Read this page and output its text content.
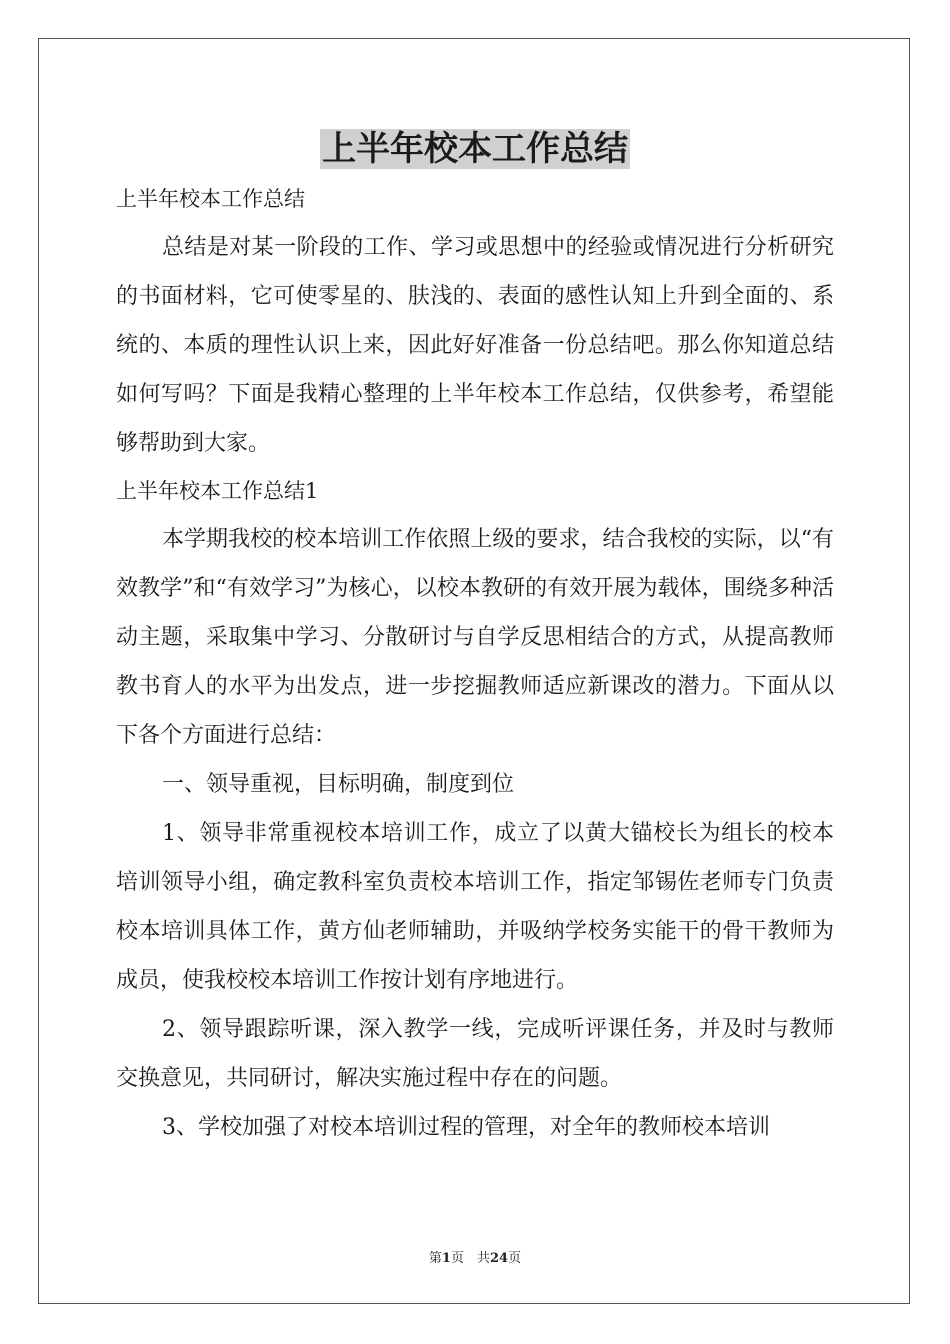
上半年校本工作总结

上半年校本工作总结

总结是对某一阶段的工作、学习或思想中的经验或情况进行分析研究的书面材料，它可使零星的、肤浅的、表面的感性认知上升到全面的、系统的、本质的理性认识上来，因此好好准备一份总结吧。那么你知道总结如何写吗？下面是我精心整理的上半年校本工作总结，仅供参考，希望能够帮助到大家。

上半年校本工作总结1

本学期我校的校本培训工作依照上级的要求，结合我校的实际，以“有效教学”和“有效学习”为核心，以校本教研的有效开展为载体，围绕多种活动主题，采取集中学习、分散研讨与自学反思相结合的方式，从提高教师教书育人的水平为出发点，进一步挖掘教师适应新课改的潜力。下面从以下各个方面进行总结：

一、领导重视，目标明确，制度到位

1、领导非常重视校本培训工作，成立了以黄大锚校长为组长的校本培训领导小组，确定教科室负责校本培训工作，指定邹锡佐老师专门负责校本培训具体工作，黄方仙老师辅助，并吸纳学校务实能干的骨干教师为成员，使我校校本培训工作按计划有序地进行。

2、领导跟踪听课，深入教学一线，完成听评课任务，并及时与教师交换意见，共同研讨，解决实施过程中存在的问题。

3、学校加强了对校本培训过程的管理，对全年的教师校本培训

第1页　共24页
